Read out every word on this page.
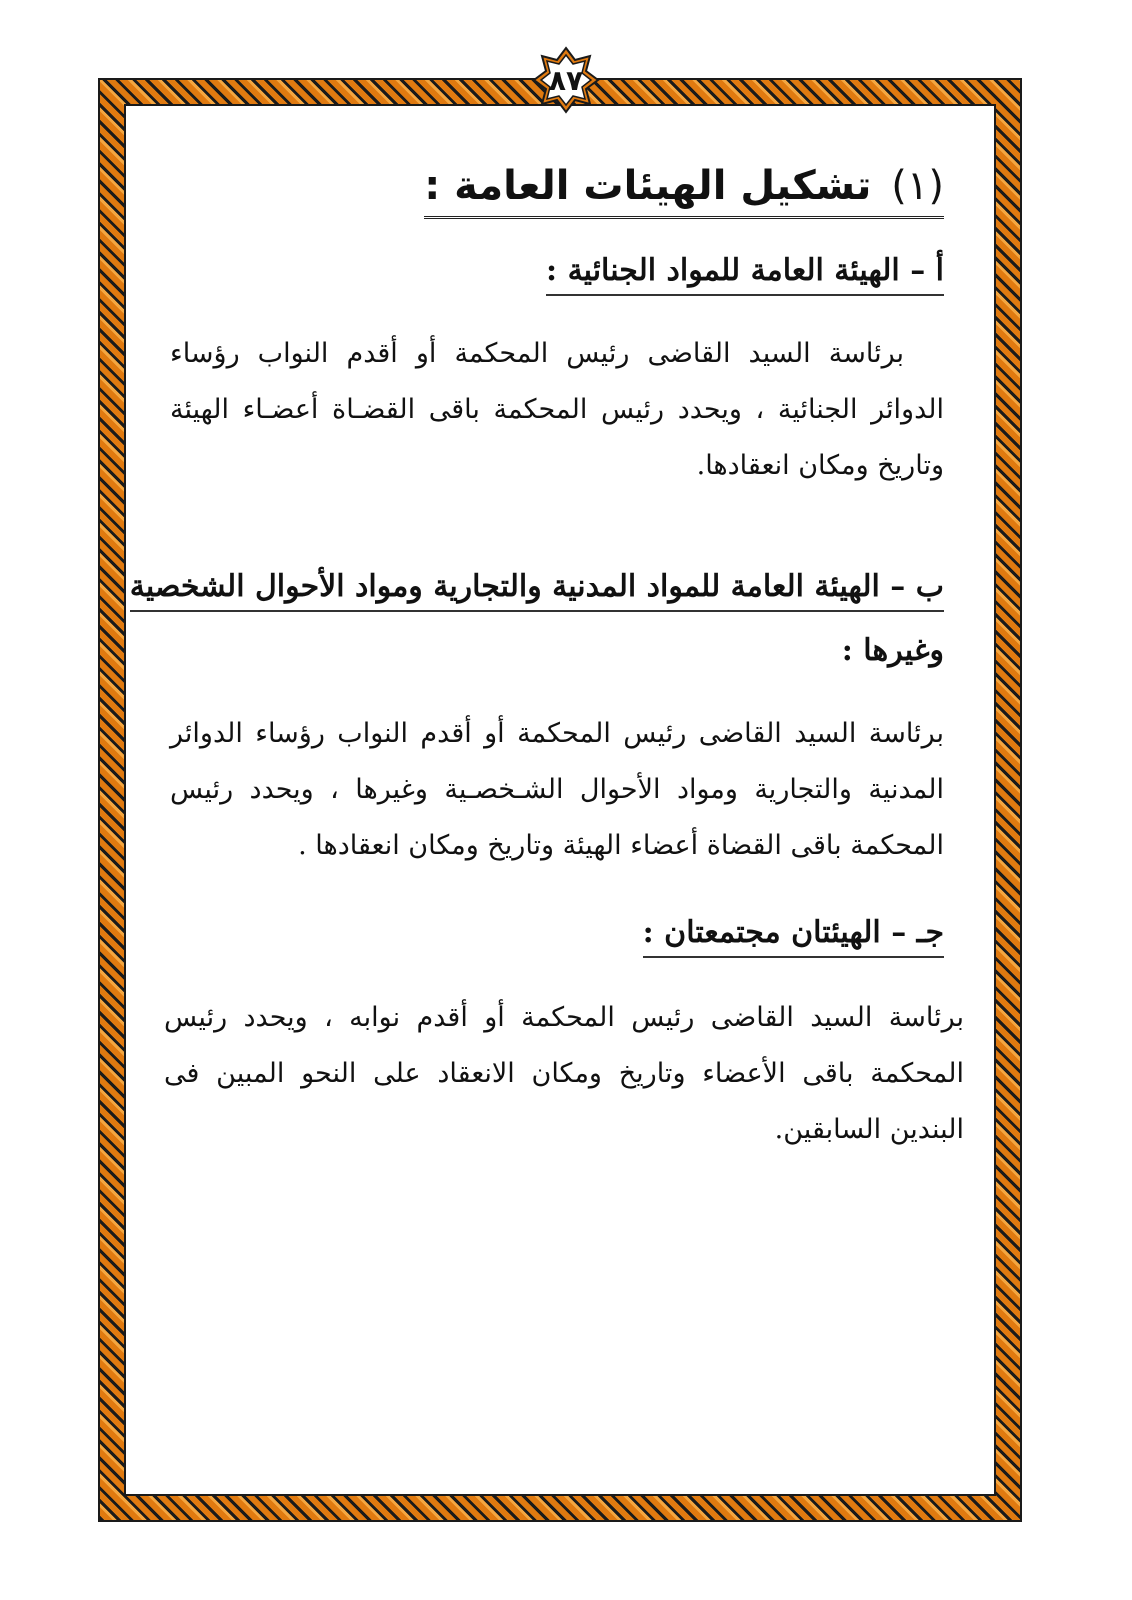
٨٧
(١) تشكيل الهيئات العامة :
أ – الهيئة العامة للمواد الجنائية :
برئاسة السيد القاضى رئيس المحكمة أو أقدم النواب رؤساء الدوائر الجنائية ، ويحدد رئيس المحكمة باقى القضـاة أعضـاء الهيئة وتاريخ ومكان انعقادها.
ب – الهيئة العامة للمواد المدنية والتجارية ومواد الأحوال الشخصية
وغيرها :
برئاسة السيد القاضى رئيس المحكمة أو أقدم النواب رؤساء الدوائر المدنية والتجارية ومواد الأحوال الشـخصـية وغيرها ، ويحدد رئيس المحكمة باقى القضاة أعضاء الهيئة وتاريخ ومكان انعقادها .
جـ – الهيئتان مجتمعتان :
برئاسة السيد القاضى رئيس المحكمة أو أقدم نوابه ، ويحدد رئيس المحكمة باقى الأعضاء وتاريخ ومكان الانعقاد على النحو المبين فى البندين السابقين.
